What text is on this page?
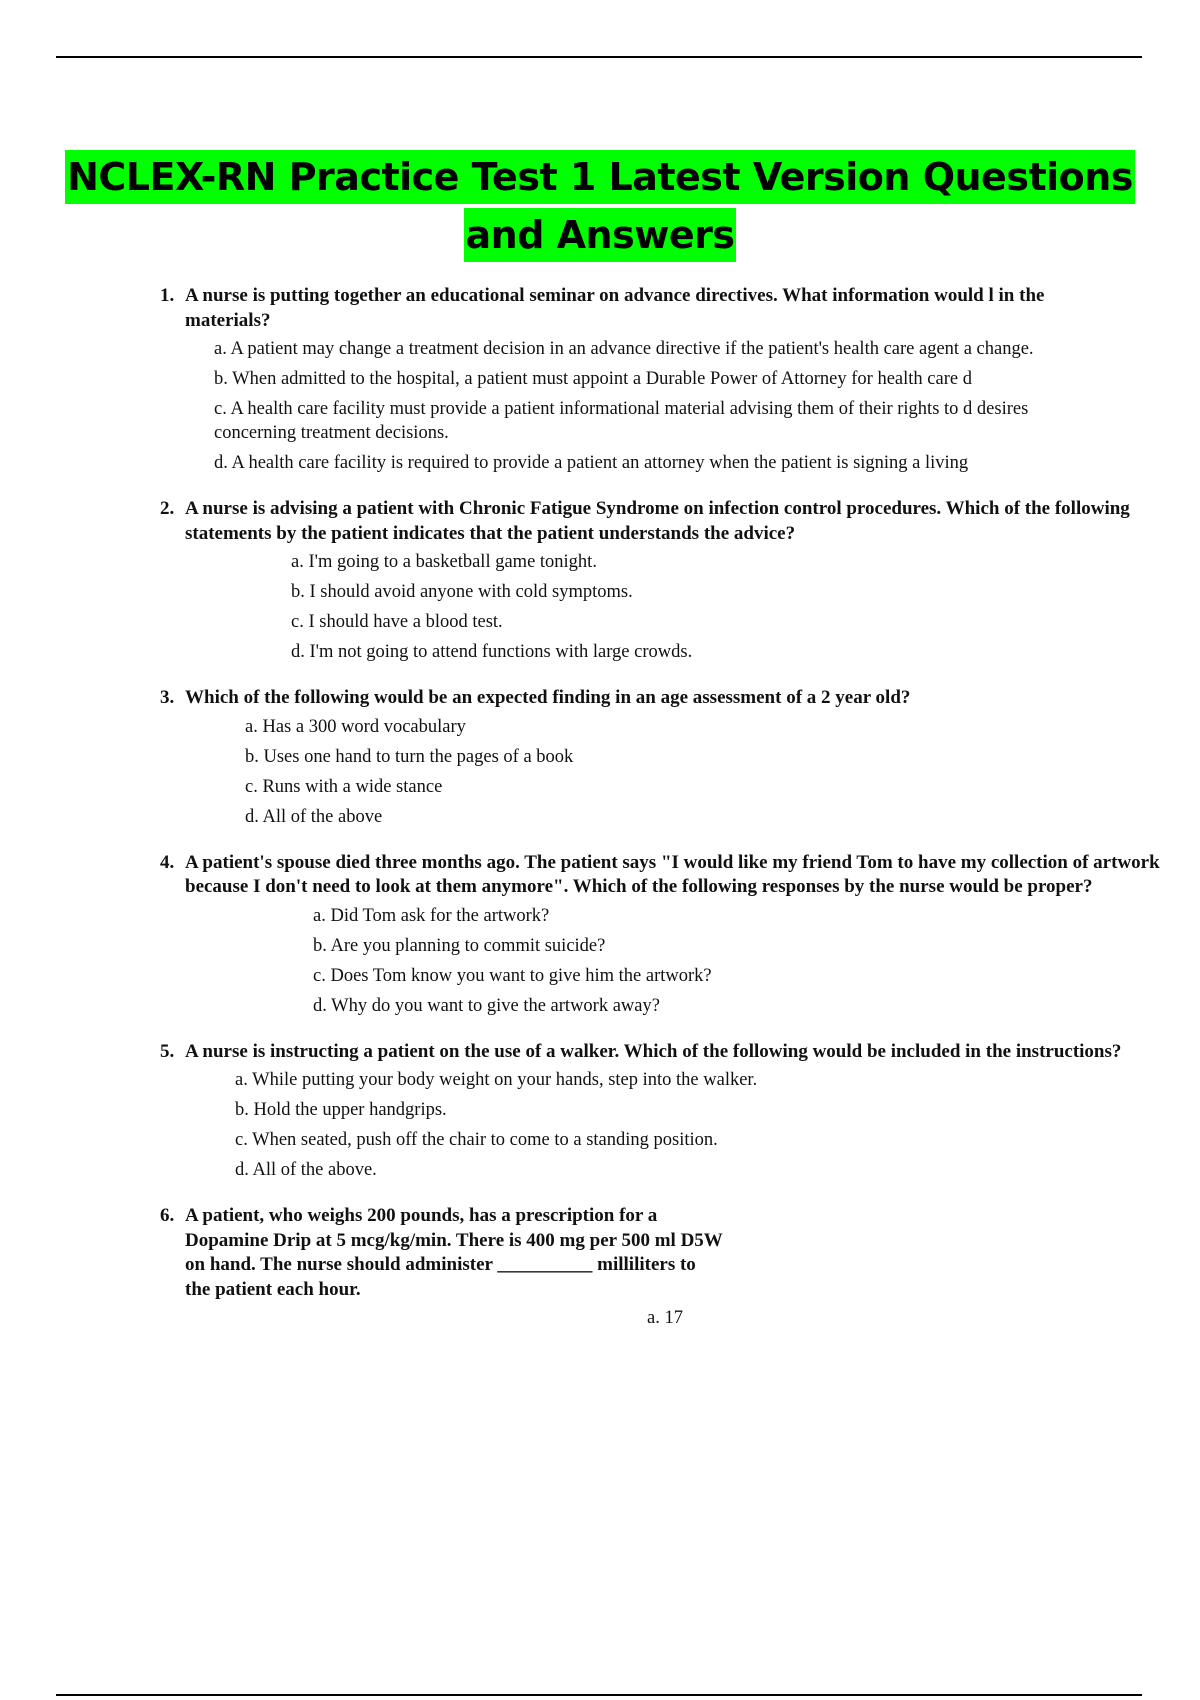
NCLEX-RN Practice Test 1 Latest Version Questions
and Answers
1. A nurse is putting together an educational seminar on advance directives. What information would l in the materials?
a. A patient may change a treatment decision in an advance directive if the patient's health care agent a change.
b. When admitted to the hospital, a patient must appoint a Durable Power of Attorney for health care d
c. A health care facility must provide a patient informational material advising them of their rights to d desires concerning treatment decisions.
d. A health care facility is required to provide a patient an attorney when the patient is signing a living
2. A nurse is advising a patient with Chronic Fatigue Syndrome on infection control procedures. Which of the following statements by the patient indicates that the patient understands the advice?
a. I'm going to a basketball game tonight.
b. I should avoid anyone with cold symptoms.
c. I should have a blood test.
d. I'm not going to attend functions with large crowds.
3. Which of the following would be an expected finding in an age assessment of a 2 year old?
a. Has a 300 word vocabulary
b. Uses one hand to turn the pages of a book
c. Runs with a wide stance
d. All of the above
4. A patient's spouse died three months ago. The patient says "I would like my friend Tom to have my collection of artwork because I don't need to look at them anymore". Which of the following responses by the nurse would be proper?
a. Did Tom ask for the artwork?
b. Are you planning to commit suicide?
c. Does Tom know you want to give him the artwork?
d. Why do you want to give the artwork away?
5. A nurse is instructing a patient on the use of a walker. Which of the following would be included in the instructions?
a. While putting your body weight on your hands, step into the walker.
b. Hold the upper handgrips.
c. When seated, push off the chair to come to a standing position.
d. All of the above.
6. A patient, who weighs 200 pounds, has a prescription for a Dopamine Drip at 5 mcg/kg/min. There is 400 mg per 500 ml D5W on hand. The nurse should administer __________ milliliters to the patient each hour.
a. 17
